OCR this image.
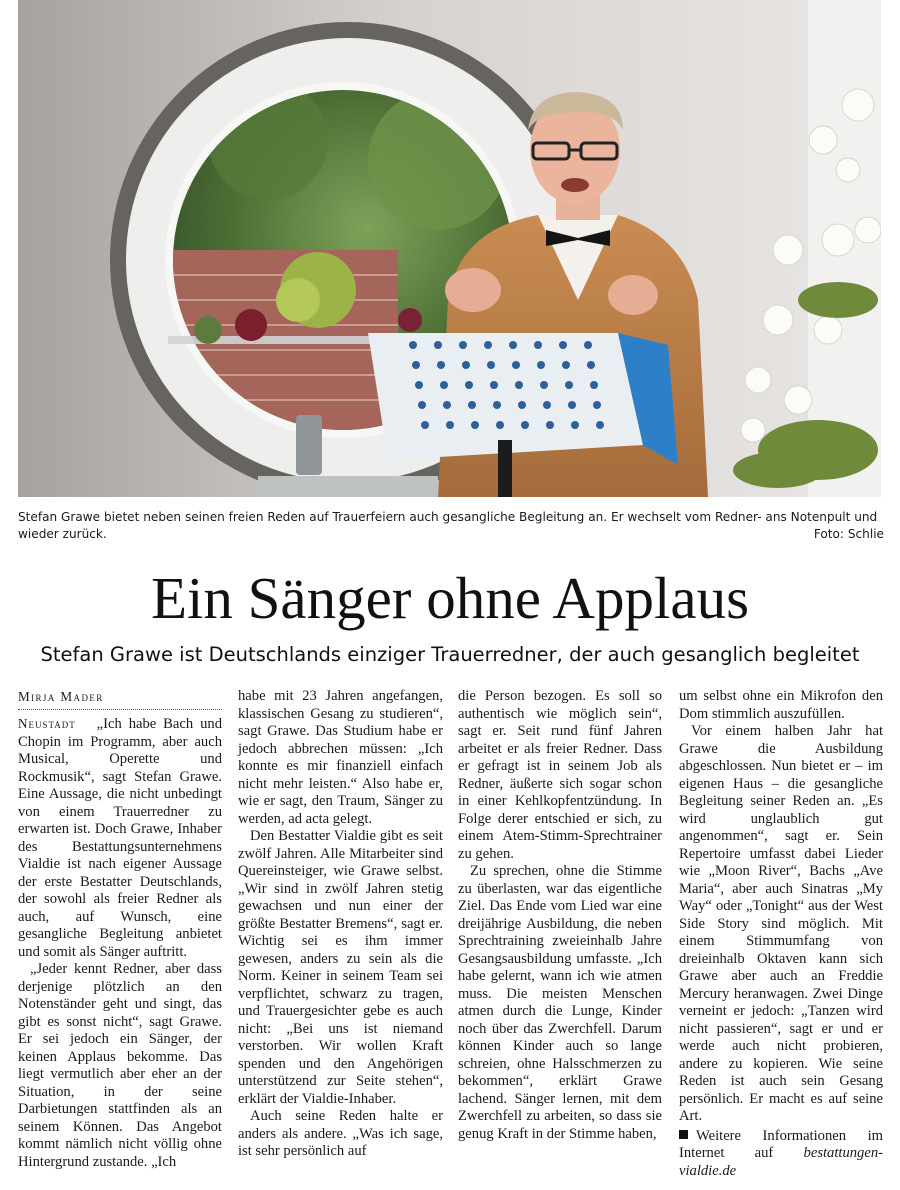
Stefan Grawe bietet neben seinen freien Reden auf Trauerfeiern auch gesangliche Begleitung an. Er wechselt vom Redner- ans Notenpult und wieder zurück.	Foto: Schlie
Ein Sänger ohne Applaus
Stefan Grawe ist Deutschlands einziger Trauerredner, der auch gesanglich begleitet
Mirja Mader

Neustadt „Ich habe Bach und Chopin im Programm, aber auch Musical, Operette und Rockmusik“, sagt Stefan Grawe. Eine Aussage, die nicht unbedingt von einem Trauerredner zu erwarten ist. Doch Grawe, Inhaber des Bestattungsunternehmens Vialdie ist nach eigener Aussage der erste Bestatter Deutschlands, der sowohl als freier Redner als auch, auf Wunsch, eine gesangliche Begleitung anbietet und somit als Sänger auftritt.

„Jeder kennt Redner, aber dass derjenige plötzlich an den Notenständer geht und singt, das gibt es sonst nicht“, sagt Grawe. Er sei jedoch ein Sänger, der keinen Applaus bekomme. Das liegt vermutlich aber eher an der Situation, in der seine Darbietungen stattfinden als an seinem Können. Das Angebot kommt nämlich nicht völlig ohne Hintergrund zustande. „Ich

habe mit 23 Jahren angefangen, klassischen Gesang zu studieren“, sagt Grawe. Das Studium habe er jedoch abbrechen müssen: „Ich konnte es mir finanziell einfach nicht mehr leisten.“ Also habe er, wie er sagt, den Traum, Sänger zu werden, ad acta gelegt.

Den Bestatter Vialdie gibt es seit zwölf Jahren. Alle Mitarbeiter sind Quereinsteiger, wie Grawe selbst. „Wir sind in zwölf Jahren stetig gewachsen und nun einer der größte Bestatter Bremens“, sagt er. Wichtig sei es ihm immer gewesen, anders zu sein als die Norm. Keiner in seinem Team sei verpflichtet, schwarz zu tragen, und Trauergesichter gebe es auch nicht: „Bei uns ist niemand verstorben. Wir wollen Kraft spenden und den Angehörigen unterstützend zur Seite stehen“, erklärt der Vialdie-Inhaber.

Auch seine Reden halte er anders als andere. „Was ich sage, ist sehr persönlich auf

die Person bezogen. Es soll so authentisch wie möglich sein“, sagt er. Seit rund fünf Jahren arbeitet er als freier Redner. Dass er gefragt ist in seinem Job als Redner, äußerte sich sogar schon in einer Kehlkopfentzündung. In Folge derer entschied er sich, zu einem Atem-Stimm-Sprechtrainer zu gehen.

Zu sprechen, ohne die Stimme zu überlasten, war das eigentliche Ziel. Das Ende vom Lied war eine dreijährige Ausbildung, die neben Sprechtraining zweieinhalb Jahre Gesangsausbildung umfasste. „Ich habe gelernt, wann ich wie atmen muss. Die meisten Menschen atmen durch die Lunge, Kinder noch über das Zwerchfell. Darum können Kinder auch so lange schreien, ohne Halsschmerzen zu bekommen“, erklärt Grawe lachend. Sänger lernen, mit dem Zwerchfell zu arbeiten, so dass sie genug Kraft in der Stimme haben,

um selbst ohne ein Mikrofon den Dom stimmlich auszufüllen.

Vor einem halben Jahr hat Grawe die Ausbildung abgeschlossen. Nun bietet er – im eigenen Haus – die gesangliche Begleitung seiner Reden an. „Es wird unglaublich gut angenommen“, sagt er. Sein Repertoire umfasst dabei Lieder wie „Moon River“, Bachs „Ave Maria“, aber auch Sinatras „My Way“ oder „Tonight“ aus der West Side Story sind möglich. Mit einem Stimmumfang von dreieinhalb Oktaven kann sich Grawe aber auch an Freddie Mercury heranwagen. Zwei Dinge verneint er jedoch: „Tanzen wird nicht passieren“, sagt er und er werde auch nicht probieren, andere zu kopieren. Wie seine Reden ist auch sein Gesang persönlich. Er macht es auf seine Art.

Weitere Informationen im Internet auf bestattungen-vialdie.de
